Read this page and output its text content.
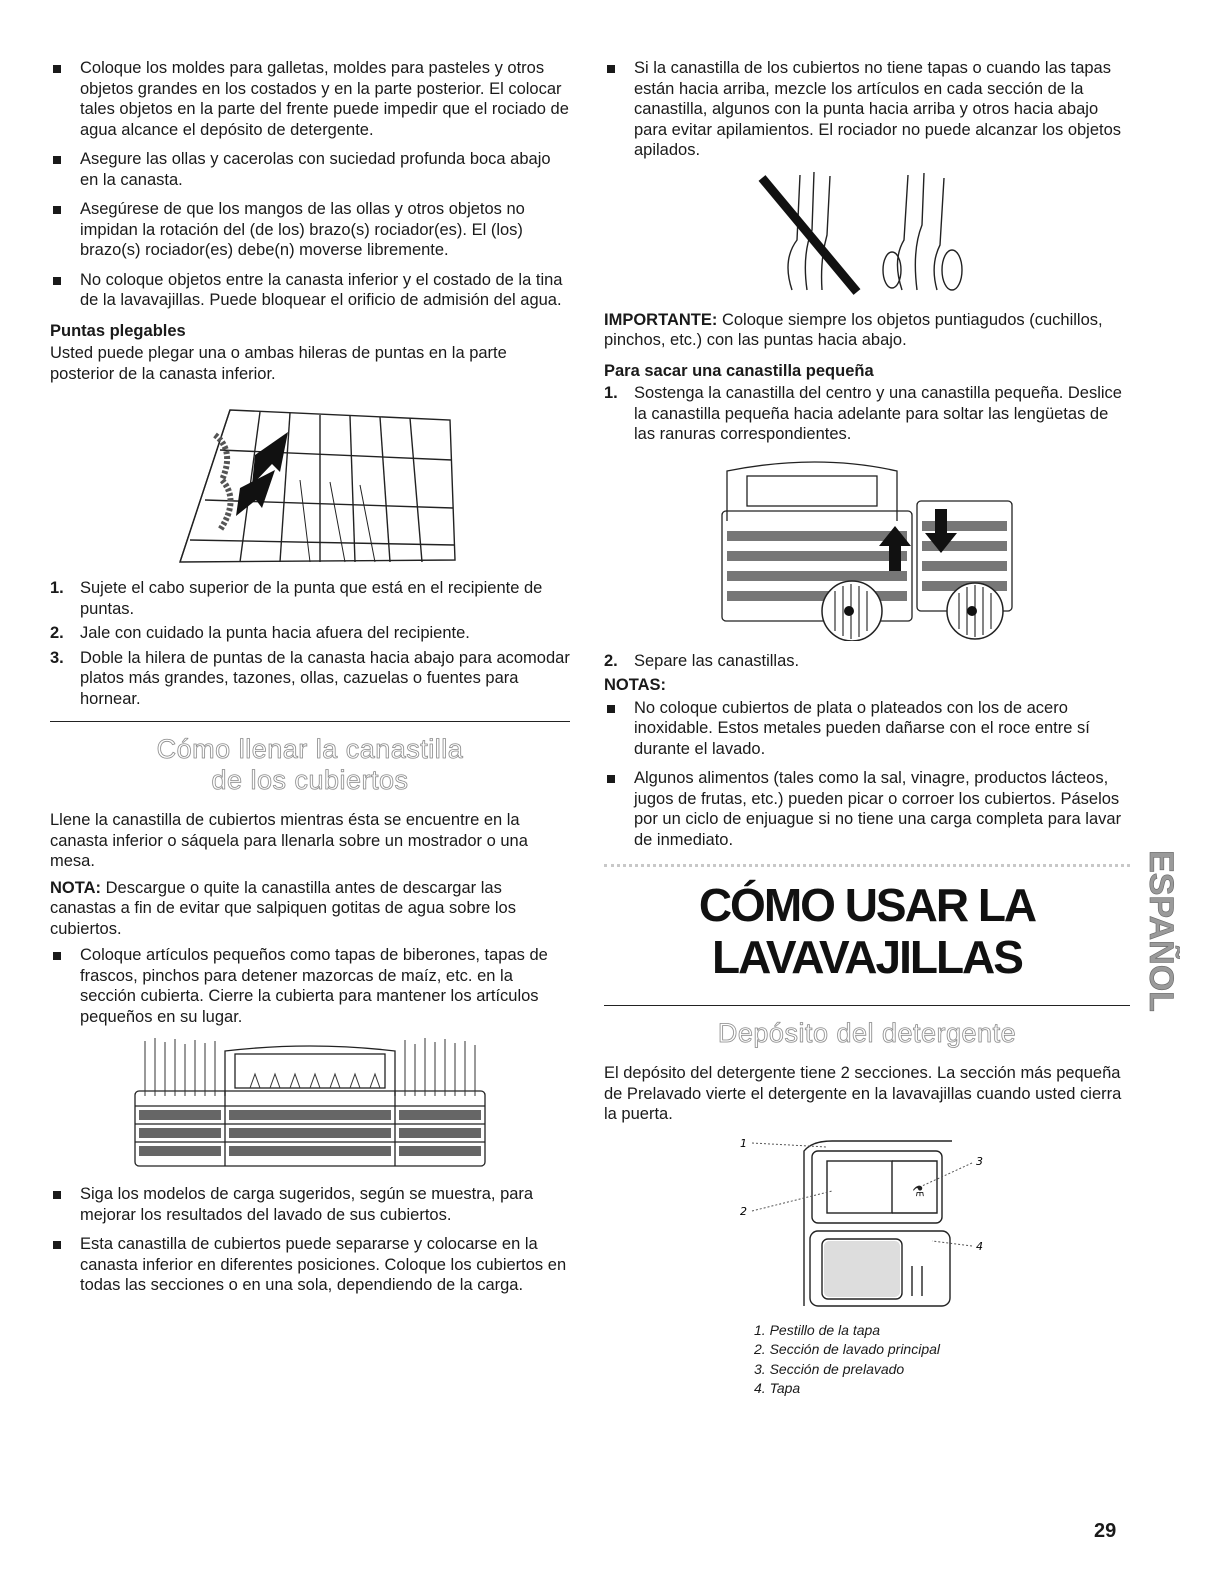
Coloque los moldes para galletas, moldes para pasteles y otros objetos grandes en los costados y en la parte posterior. El colocar tales objetos en la parte del frente puede impedir que el rociado de agua alcance el depósito de detergente.
Asegure las ollas y cacerolas con suciedad profunda boca abajo en la canasta.
Asegúrese de que los mangos de las ollas y otros objetos no impidan la rotación del (de los) brazo(s) rociador(es). El (los) brazo(s) rociador(es) debe(n) moverse libremente.
No coloque objetos entre la canasta inferior y el costado de la tina de la lavavajillas. Puede bloquear el orificio de admisión del agua.
Puntas plegables

Usted puede plegar una o ambas hileras de puntas en la parte posterior de la canasta inferior.

1. Sujete el cabo superior de la punta que está en el recipiente de puntas.
2. Jale con cuidado la punta hacia afuera del recipiente.
3. Doble la hilera de puntas de la canasta hacia abajo para acomodar platos más grandes, tazones, ollas, cazuelas o fuentes para hornear.
Cómo llenar la canastilla
de los cubiertos

Llene la canastilla de cubiertos mientras ésta se encuentre en la canasta inferior o sáquela para llenarla sobre un mostrador o una mesa.

NOTA: Descargue o quite la canastilla antes de descargar las canastas a fin de evitar que salpiquen gotitas de agua sobre los cubiertos.

Coloque artículos pequeños como tapas de biberones, tapas de frascos, pinchos para detener mazorcas de maíz, etc. en la sección cubierta. Cierre la cubierta para mantener los artículos pequeños en su lugar.
Siga los modelos de carga sugeridos, según se muestra, para mejorar los resultados del lavado de sus cubiertos.
Esta canastilla de cubiertos puede separarse y colocarse en la canasta inferior en diferentes posiciones. Coloque los cubiertos en todas las secciones o en una sola, dependiendo de la carga.
Si la canastilla de los cubiertos no tiene tapas o cuando las tapas están hacia arriba, mezcle los artículos en cada sección de la canastilla, algunos con la punta hacia arriba y otros hacia abajo para evitar apilamientos. El rociador no puede alcanzar los objetos apilados.

IMPORTANTE: Coloque siempre los objetos puntiagudos (cuchillos, pinchos, etc.) con las puntas hacia abajo.

Para sacar una canastilla pequeña
1. Sostenga la canastilla del centro y una canastilla pequeña. Deslice la canastilla pequeña hacia adelante para soltar las lengüetas de las ranuras correspondientes.
2. Separe las canastillas.
NOTAS:
No coloque cubiertos de plata o plateados con los de acero inoxidable. Estos metales pueden dañarse con el roce entre sí durante el lavado.
Algunos alimentos (tales como la sal, vinagre, productos lácteos, jugos de frutas, etc.) pueden picar o corroer los cubiertos. Páselos por un ciclo de enjuague si no tiene una carga completa para lavar de inmediato.
CÓMO USAR LA
LAVAVAJILLAS
Depósito del detergente

El depósito del detergente tiene 2 secciones. La sección más pequeña de Prelavado vierte el detergente en la lavavajillas cuando usted cierra la puerta.

⚗
1
2
3
4
1. Pestillo de la tapa
2. Sección de lavado principal
3. Sección de prelavado
4. Tapa
ESPAÑOL
29
